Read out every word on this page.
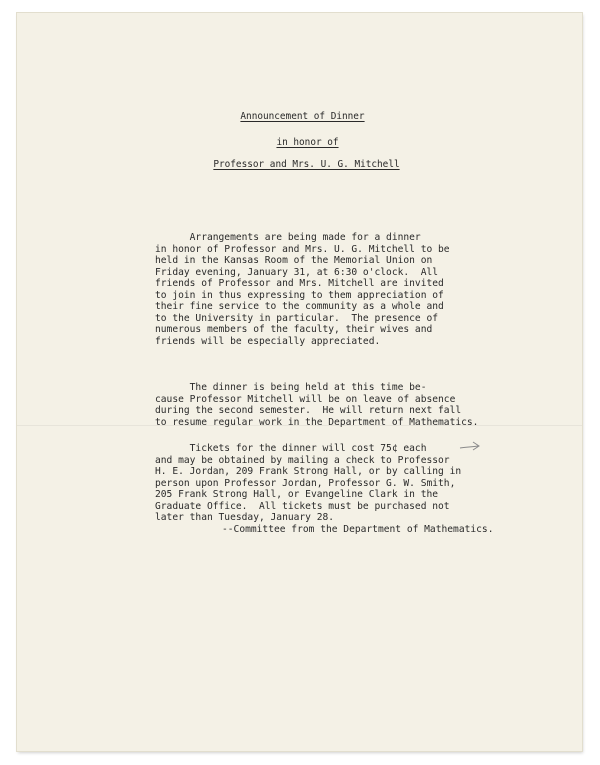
Announcement of Dinner
in honor of
Professor and Mrs. U. G. Mitchell
Arrangements are being made for a dinner
in honor of Professor and Mrs. U. G. Mitchell to be
held in the Kansas Room of the Memorial Union on
Friday evening, January 31, at 6:30 o'clock.  All
friends of Professor and Mrs. Mitchell are invited
to join in thus expressing to them appreciation of
their fine service to the community as a whole and
to the University in particular.  The presence of
numerous members of the faculty, their wives and
friends will be especially appreciated.
The dinner is being held at this time be-
cause Professor Mitchell will be on leave of absence
during the second semester.  He will return next fall
to resume regular work in the Department of Mathematics.
Tickets for the dinner will cost 75¢ each
and may be obtained by mailing a check to Professor
H. E. Jordan, 209 Frank Strong Hall, or by calling in
person upon Professor Jordan, Professor G. W. Smith,
205 Frank Strong Hall, or Evangeline Clark in the
Graduate Office.  All tickets must be purchased not
later than Tuesday, January 28.
--Committee from the Department of Mathematics.
